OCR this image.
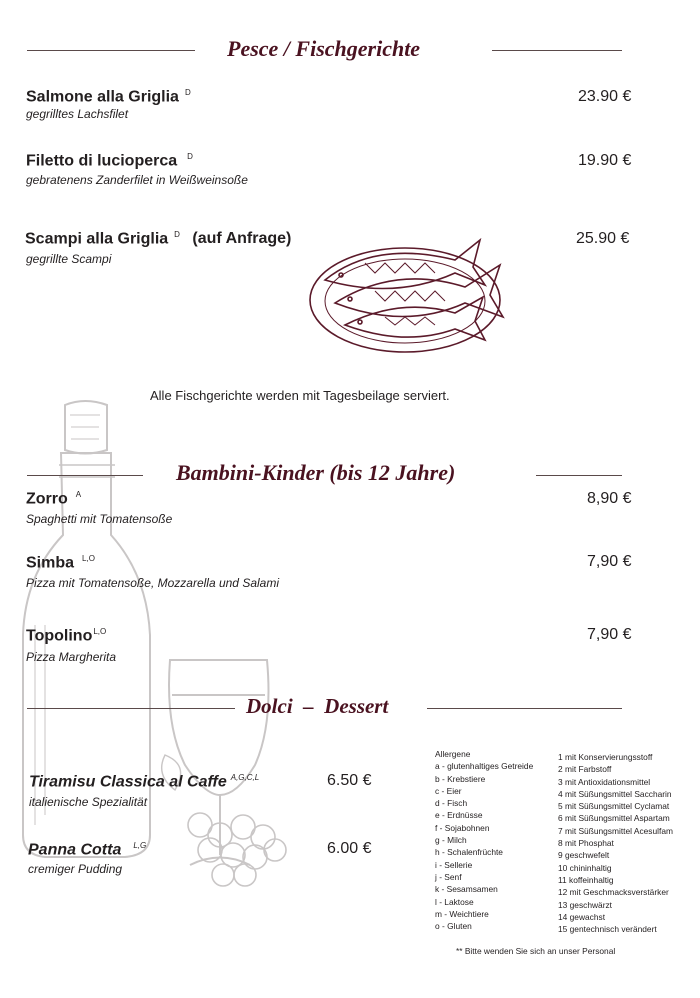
Pesce / Fischgerichte
Salmone alla Griglia $^D$
gegrilltes Lachsfilet
23.90 €
Filetto di lucioperca $^D$
gebratenens Zanderfilet in Weißweinsoße
19.90 €
Scampi alla Griglia $^D$ (auf Anfrage)
gegrillte Scampi
25.90 €
Alle Fischgerichte werden mit Tagesbeilage serviert.
Bambini-Kinder (bis 12 Jahre)
Zorro $^A$
Spaghetti mit Tomatensoße
8,90 €
Simba $^{L,O}$
Pizza mit Tomatensoße, Mozzarella und Salami
7,90 €
Topolino$^{L,O}$
Pizza Margherita
7,90 €
Dolci  –  Dessert
Tiramisu Classica al Caffe $^{A,G,C,L}$
italienische Spezialität
6.50 €
Panna Cotta $^{L,G}$
cremiger Pudding
6.00 €
Allergene
a - glutenhaltiges Getreide
b - Krebstiere
c - Eier
d - Fisch
e - Erdnüsse
f - Sojabohnen
g - Milch
h - Schalenfrüchte
i - Sellerie
j - Senf
k - Sesamsamen
l - Laktose
m - Weichtiere
o - Gluten
1 mit Konservierungsstoff
2 mit Farbstoff
3 mit Antioxidationsmittel
4 mit Süßungsmittel Saccharin
5 mit Süßungsmittel Cyclamat
6 mit Süßungsmittel Aspartam
7 mit Süßungsmittel Acesulfam
8 mit Phosphat
9 geschwefelt
10 chininhaltig
11 koffeinhaltig
12 mit Geschmacksverstärker
13 geschwärzt
14 gewachst
15 gentechnisch verändert
** Bitte wenden Sie sich an unser Personal
